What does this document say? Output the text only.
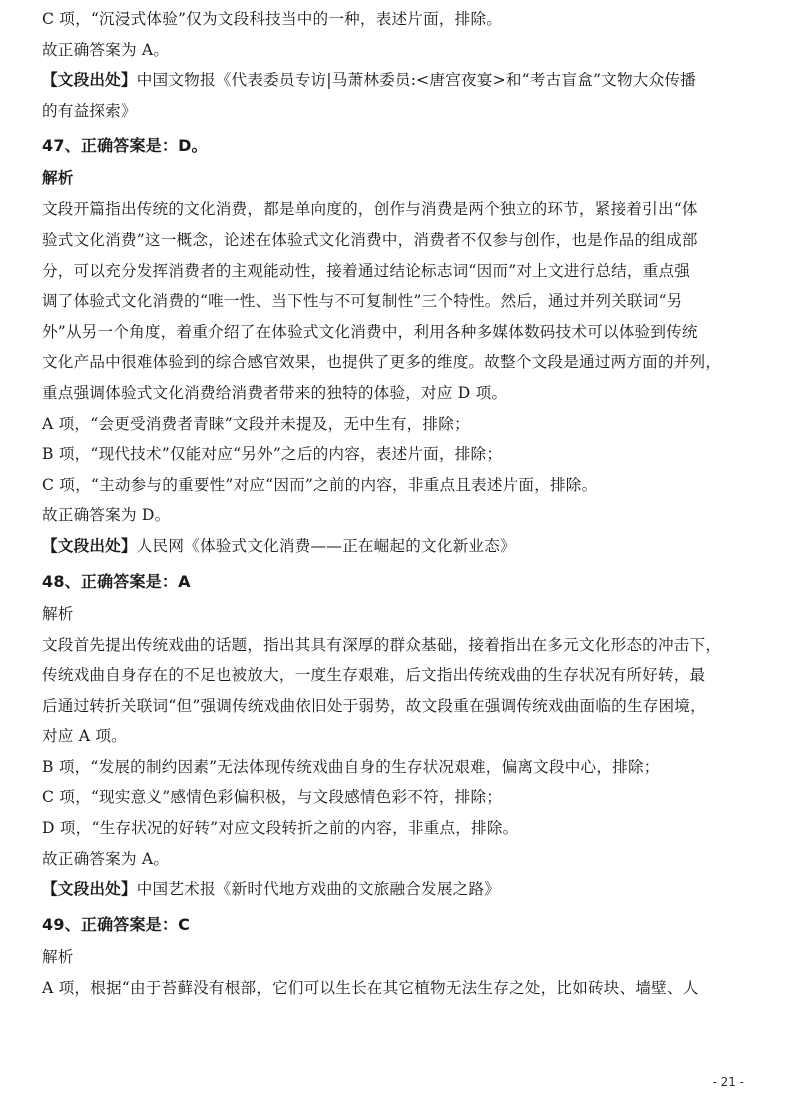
C 项，“沉浸式体验”仅为文段科技当中的一种，表述片面，排除。

故正确答案为 A。

【文段出处】中国文物报《代表委员专访|马萧林委员:<唐宫夜宴>和“考古盲盒”文物大众传播

的有益探索》

47、正确答案是：D。

解析

文段开篇指出传统的文化消费，都是单向度的，创作与消费是两个独立的环节，紧接着引出“体

验式文化消费”这一概念，论述在体验式文化消费中，消费者不仅参与创作，也是作品的组成部

分，可以充分发挥消费者的主观能动性，接着通过结论标志词“因而”对上文进行总结，重点强

调了体验式文化消费的“唯一性、当下性与不可复制性”三个特性。然后，通过并列关联词“另

外”从另一个角度，着重介绍了在体验式文化消费中，利用各种多媒体数码技术可以体验到传统

文化产品中很难体验到的综合感官效果，也提供了更多的维度。故整个文段是通过两方面的并列，

重点强调体验式文化消费给消费者带来的独特的体验，对应 D 项。

A 项，“会更受消费者青睐”文段并未提及，无中生有，排除；

B 项，“现代技术”仅能对应“另外”之后的内容，表述片面，排除；

C 项，“主动参与的重要性”对应“因而”之前的内容，非重点且表述片面，排除。

故正确答案为 D。

【文段出处】人民网《体验式文化消费——正在崛起的文化新业态》

48、正确答案是：A

解析

文段首先提出传统戏曲的话题，指出其具有深厚的群众基础，接着指出在多元文化形态的冲击下，

传统戏曲自身存在的不足也被放大，一度生存艰难，后文指出传统戏曲的生存状况有所好转，最

后通过转折关联词“但”强调传统戏曲依旧处于弱势，故文段重在强调传统戏曲面临的生存困境，

对应 A 项。

B 项，“发展的制约因素”无法体现传统戏曲自身的生存状况艰难，偏离文段中心，排除；

C 项，“现实意义”感情色彩偏积极，与文段感情色彩不符，排除；

D 项，“生存状况的好转”对应文段转折之前的内容，非重点，排除。

故正确答案为 A。

【文段出处】中国艺术报《新时代地方戏曲的文旅融合发展之路》

49、正确答案是：C

解析

A 项，根据“由于苔藓没有根部，它们可以生长在其它植物无法生存之处，比如砖块、墙壁、人

- 21 -
